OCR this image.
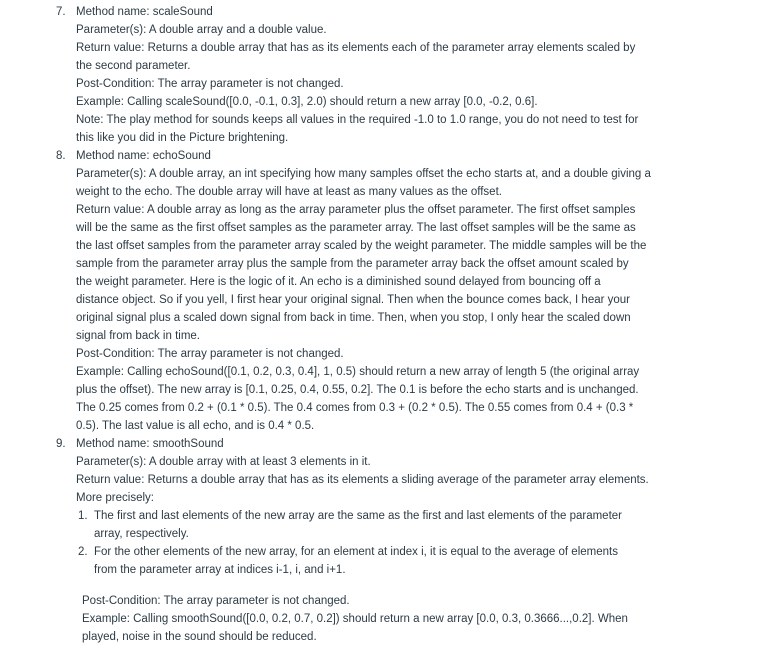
7. Method name: scaleSound
Parameter(s): A double array and a double value.
Return value: Returns a double array that has as its elements each of the parameter array elements scaled by
the second parameter.
Post-Condition: The array parameter is not changed.
Example: Calling scaleSound([0.0, -0.1, 0.3], 2.0) should return a new array [0.0, -0.2, 0.6].
Note: The play method for sounds keeps all values in the required -1.0 to 1.0 range, you do not need to test for
this like you did in the Picture brightening.
8. Method name: echoSound
Parameter(s): A double array, an int specifying how many samples offset the echo starts at, and a double giving a
weight to the echo. The double array will have at least as many values as the offset.
Return value: A double array as long as the array parameter plus the offset parameter. The first offset samples
will be the same as the first offset samples as the parameter array. The last offset samples will be the same as
the last offset samples from the parameter array scaled by the weight parameter. The middle samples will be the
sample from the parameter array plus the sample from the parameter array back the offset amount scaled by
the weight parameter. Here is the logic of it. An echo is a diminished sound delayed from bouncing off a
distance object. So if you yell, I first hear your original signal. Then when the bounce comes back, I hear your
original signal plus a scaled down signal from back in time. Then, when you stop, I only hear the scaled down
signal from back in time.
Post-Condition: The array parameter is not changed.
Example: Calling echoSound([0.1, 0.2, 0.3, 0.4], 1, 0.5) should return a new array of length 5 (the original array
plus the offset). The new array is [0.1, 0.25, 0.4, 0.55, 0.2]. The 0.1 is before the echo starts and is unchanged.
The 0.25 comes from 0.2 + (0.1 * 0.5). The 0.4 comes from 0.3 + (0.2 * 0.5). The 0.55 comes from 0.4 + (0.3 *
0.5). The last value is all echo, and is 0.4 * 0.5.
9. Method name: smoothSound
Parameter(s): A double array with at least 3 elements in it.
Return value: Returns a double array that has as its elements a sliding average of the parameter array elements.
More precisely:
1. The first and last elements of the new array are the same as the first and last elements of the parameter
array, respectively.
2. For the other elements of the new array, for an element at index i, it is equal to the average of elements
from the parameter array at indices i-1, i, and i+1.
Post-Condition: The array parameter is not changed.
Example: Calling smoothSound([0.0, 0.2, 0.7, 0.2]) should return a new array [0.0, 0.3, 0.3666...,0.2]. When
played, noise in the sound should be reduced.
